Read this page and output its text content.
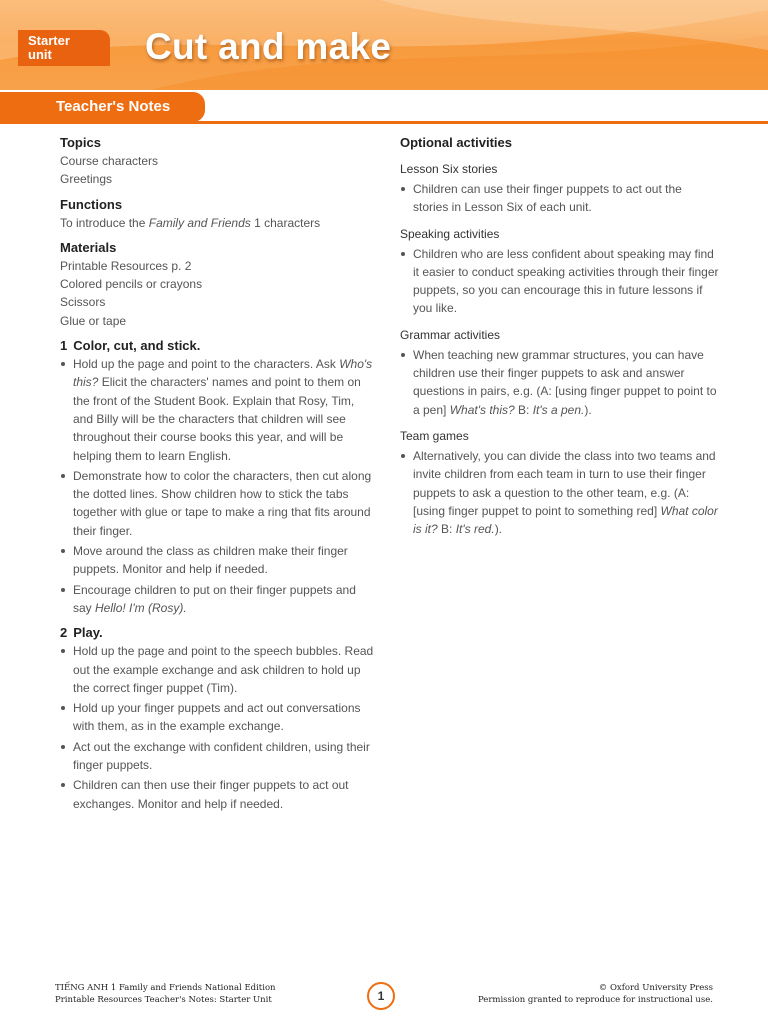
Starter
unit	Cut and make
Teacher's Notes
Topics
Course characters
Greetings
Functions
To introduce the Family and Friends 1 characters
Materials
Printable Resources p. 2
Colored pencils or crayons
Scissors
Glue or tape
1 Color, cut, and stick.
Hold up the page and point to the characters. Ask Who's this? Elicit the characters' names and point to them on the front of the Student Book. Explain that Rosy, Tim, and Billy will be the characters that children will see throughout their course books this year, and will be helping them to learn English.
Demonstrate how to color the characters, then cut along the dotted lines. Show children how to stick the tabs together with glue or tape to make a ring that fits around their finger.
Move around the class as children make their finger puppets. Monitor and help if needed.
Encourage children to put on their finger puppets and say Hello! I'm (Rosy).
2 Play.
Hold up the page and point to the speech bubbles. Read out the example exchange and ask children to hold up the correct finger puppet (Tim).
Hold up your finger puppets and act out conversations with them, as in the example exchange.
Act out the exchange with confident children, using their finger puppets.
Children can then use their finger puppets to act out exchanges. Monitor and help if needed.
Optional activities
Lesson Six stories
Children can use their finger puppets to act out the stories in Lesson Six of each unit.
Speaking activities
Children who are less confident about speaking may find it easier to conduct speaking activities through their finger puppets, so you can encourage this in future lessons if you like.
Grammar activities
When teaching new grammar structures, you can have children use their finger puppets to ask and answer questions in pairs, e.g. (A: [using finger puppet to point to a pen] What's this? B: It's a pen.).
Team games
Alternatively, you can divide the class into two teams and invite children from each team in turn to use their finger puppets to ask a question to the other team, e.g. (A: [using finger puppet to point to something red] What color is it? B: It's red.).
TIẾNG ANH 1 Family and Friends National Edition
Printable Resources Teacher's Notes: Starter Unit	1
© Oxford University Press
Permission granted to reproduce for instructional use.
